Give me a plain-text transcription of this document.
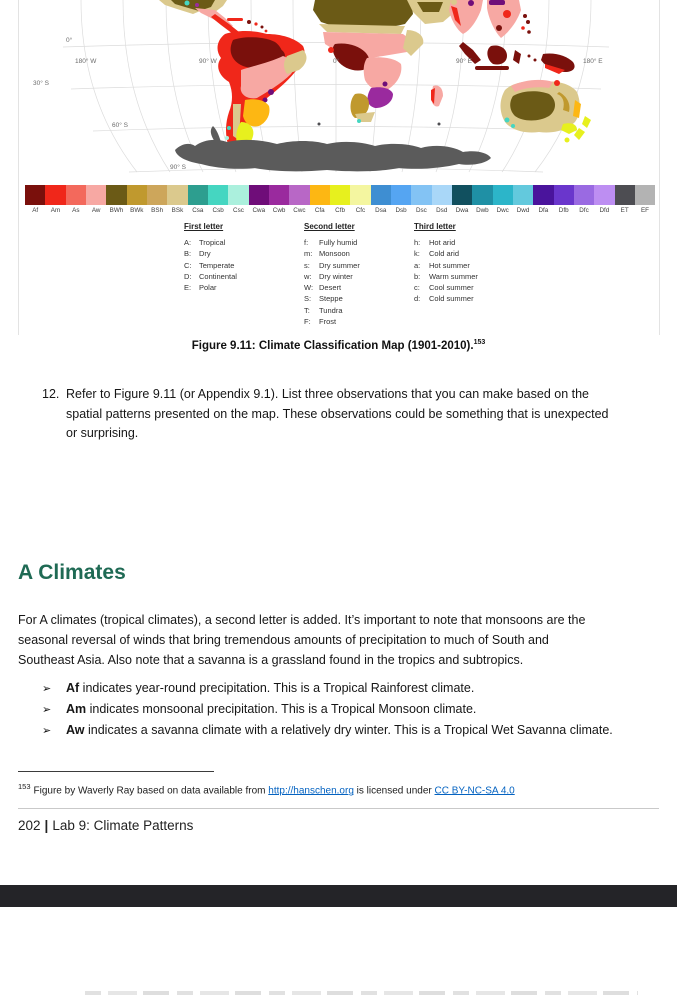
0°
180° W	90° W	0°	90° E	180° E
30° S
60° S
90° S
Af	Am	As	Aw	BWh	BWk	BSh	BSk	Csa	Csb	Csc	Cwa	Cwb	Cwc	Cfa	Cfb	Cfc	Dsa	Dsb	Dsc	Dsd	Dwa	Dwb	Dwc	Dwd	Dfa	Dfb	Dfc	Dfd	ET	EF
First letter
A:	Tropical
B:	Dry
C:	Temperate
D:	Continental
E:	Polar
Second letter
f:	Fully humid
m: Monsoon
s:	Dry summer
w:	Dry winter
W: Desert
S:	Steppe
T:	Tundra
F:	Frost
Third letter
h:	Hot arid
k:	Cold arid
a:	Hot summer
b:	Warm summer
c:	Cool summer
d:	Cold summer
Figure 9.11: Climate Classification Map (1901-2010).$^{153}$
12. Refer to Figure 9.11 (or Appendix 9.1). List three observations that you can make based on the spatial patterns presented on the map. These observations could be something that is unexpected or surprising.
A Climates

For A climates (tropical climates), a second letter is added. It’s important to note that monsoons are the seasonal reversal of winds that bring tremendous amounts of precipitation to much of South and Southeast Asia. Also note that a savanna is a grassland found in the tropics and subtropics.

➢	Af indicates year-round precipitation. This is a Tropical Rainforest climate.
➢	Am indicates monsoonal precipitation. This is a Tropical Monsoon climate.
➢	Aw indicates a savanna climate with a relatively dry winter. This is a Tropical Wet Savanna climate.
$^{153}$ Figure by Waverly Ray based on data available from http://hanschen.org is licensed under CC BY-NC-SA 4.0
202 | Lab 9: Climate Patterns
